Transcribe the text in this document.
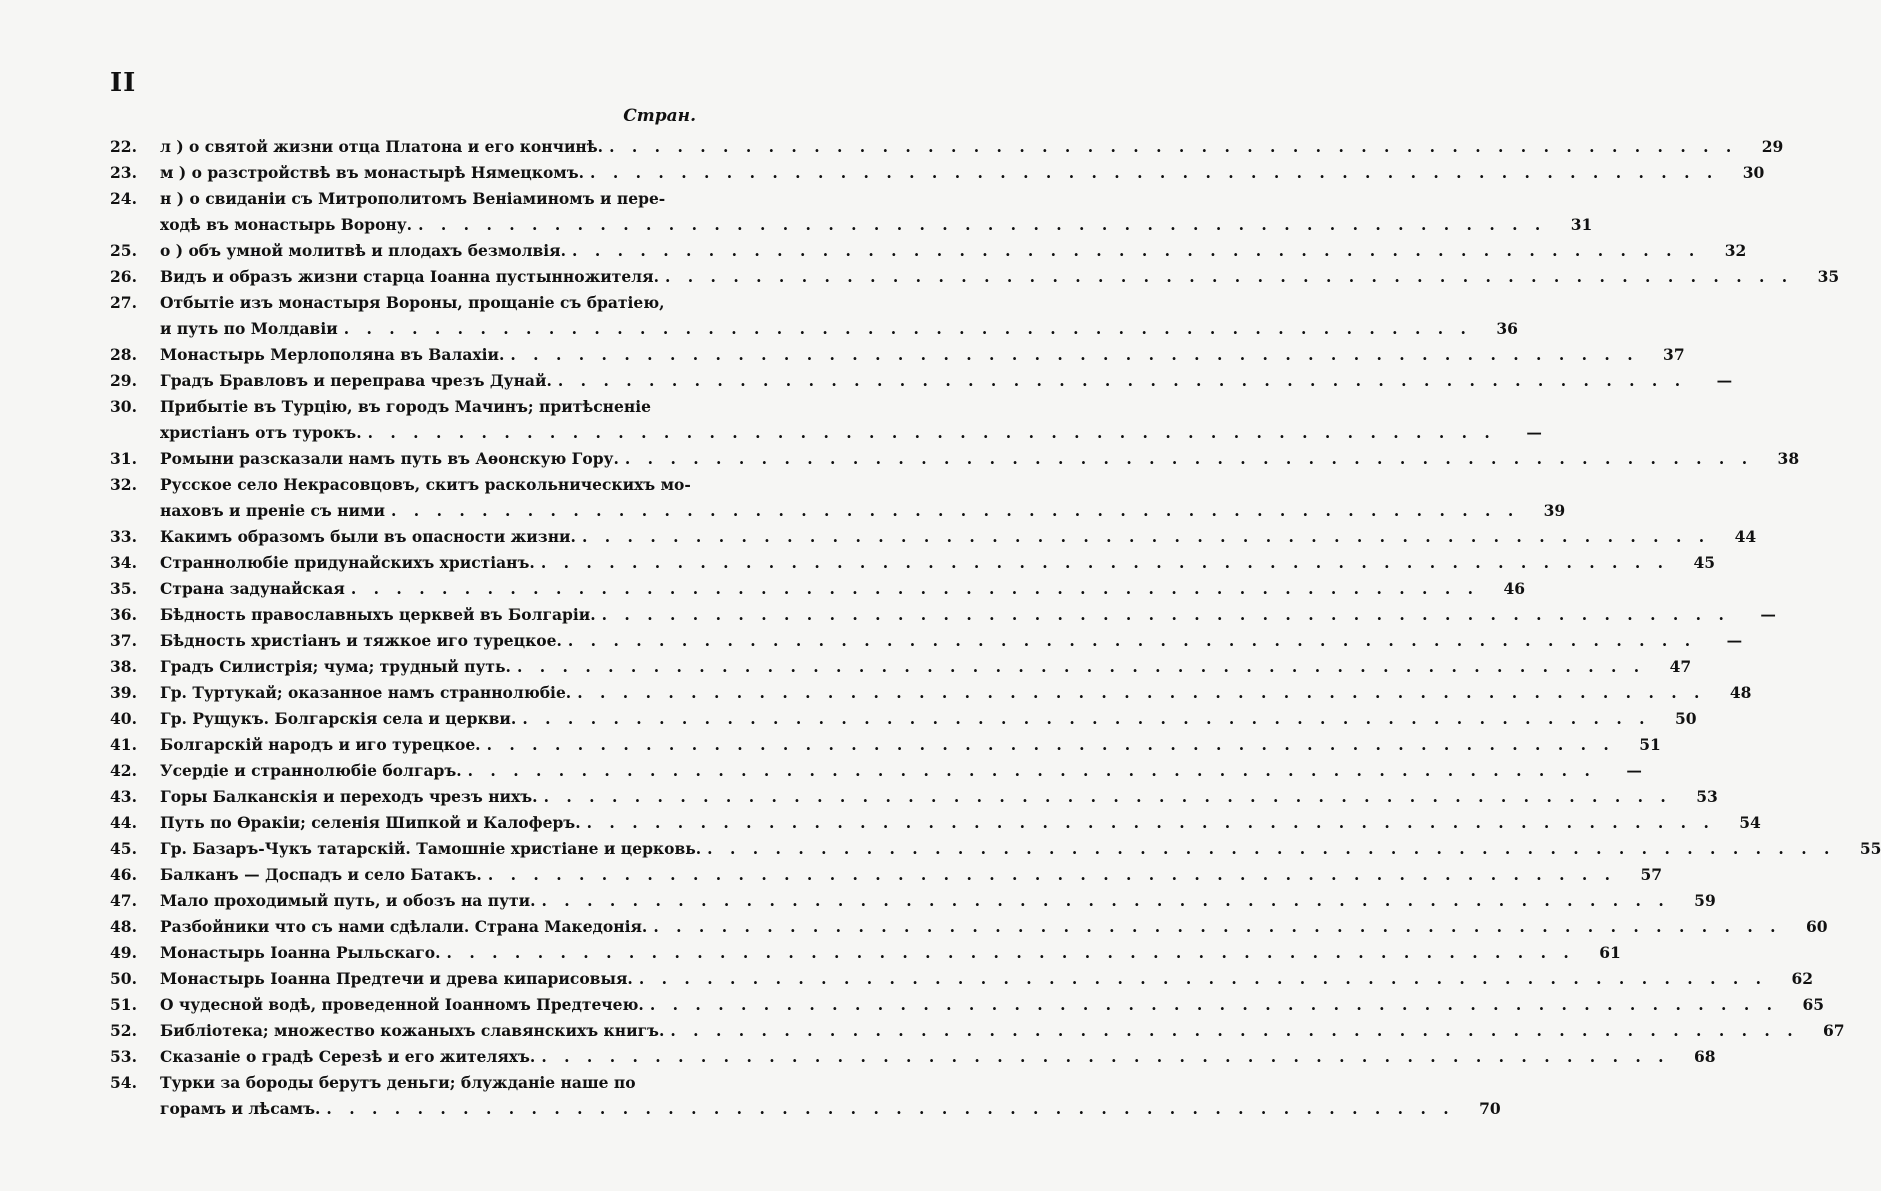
II
Стран.
22.	л ) о святой жизни отца Платона и его кончинѣ. . . . . . . . . . . . . . . . . . . . . . . . . . . . . . . . . . . . . . . . . . . . . . . . . . .	29
23.	м ) о разстройствѣ въ монастырѣ Нямецкомъ. . . . . . . . . . . . . . . . . . . . . . . . . . . . . . . . . . . . . . . . . . . . . . . . . . .	30
24.	н ) о свиданіи съ Митрополитомъ Веніаминомъ и пере-
ходѣ въ монастырь Ворону. . . . . . . . . . . . . . . . . . . . . . . . . . . . . . . . . . . . . . . . . . . . . . . . . . .	31
25.	о ) объ умной молитвѣ и плодахъ безмолвія. . . . . . . . . . . . . . . . . . . . . . . . . . . . . . . . . . . . . . . . . . . . . . . . . . .	32
26.	Видъ и образъ жизни старца Іоанна пустынножителя. . . . . . . . . . . . . . . . . . . . . . . . . . . . . . . . . . . . . . . . . . . . . . . . . . .	35
27.	Отбытіе изъ монастыря Вороны, прощаніе съ братіею,
и путь по Молдавіи . . . . . . . . . . . . . . . . . . . . . . . . . . . . . . . . . . . . . . . . . . . . . . . . . .	36
28.	Монастырь Мерлополяна въ Валахіи. . . . . . . . . . . . . . . . . . . . . . . . . . . . . . . . . . . . . . . . . . . . . . . . . . .	37
29.	Градъ Бравловъ и переправа чрезъ Дунай. . . . . . . . . . . . . . . . . . . . . . . . . . . . . . . . . . . . . . . . . . . . . . . . . . .	—
30.	Прибытіе въ Турцію, въ городъ Мачинъ; притѣсненіе
христіанъ отъ турокъ. . . . . . . . . . . . . . . . . . . . . . . . . . . . . . . . . . . . . . . . . . . . . . . . . . .	—
31.	Ромыни разсказали намъ путь въ Аѳонскую Гору. . . . . . . . . . . . . . . . . . . . . . . . . . . . . . . . . . . . . . . . . . . . . . . . . . .	38
32.	Русское село Некрасовцовъ, скитъ раскольническихъ мо-
наховъ и преніе съ ними . . . . . . . . . . . . . . . . . . . . . . . . . . . . . . . . . . . . . . . . . . . . . . . . . .	39
33.	Какимъ образомъ были въ опасности жизни. . . . . . . . . . . . . . . . . . . . . . . . . . . . . . . . . . . . . . . . . . . . . . . . . . .	44
34.	Страннолюбіе придунайскихъ христіанъ. . . . . . . . . . . . . . . . . . . . . . . . . . . . . . . . . . . . . . . . . . . . . . . . . . .	45
35.	Страна задунайская . . . . . . . . . . . . . . . . . . . . . . . . . . . . . . . . . . . . . . . . . . . . . . . . . .	46
36.	Бѣдность православныхъ церквей въ Болгаріи. . . . . . . . . . . . . . . . . . . . . . . . . . . . . . . . . . . . . . . . . . . . . . . . . . .	—
37.	Бѣдность христіанъ и тяжкое иго турецкое. . . . . . . . . . . . . . . . . . . . . . . . . . . . . . . . . . . . . . . . . . . . . . . . . . .	—
38.	Градъ Силистрія; чума; трудный путь. . . . . . . . . . . . . . . . . . . . . . . . . . . . . . . . . . . . . . . . . . . . . . . . . . .	47
39.	Гр. Туртукай; оказанное намъ страннолюбіе. . . . . . . . . . . . . . . . . . . . . . . . . . . . . . . . . . . . . . . . . . . . . . . . . . .	48
40.	Гр. Рущукъ. Болгарскія села и церкви. . . . . . . . . . . . . . . . . . . . . . . . . . . . . . . . . . . . . . . . . . . . . . . . . . .	50
41.	Болгарскій народъ и иго турецкое. . . . . . . . . . . . . . . . . . . . . . . . . . . . . . . . . . . . . . . . . . . . . . . . . . .	51
42.	Усердіе и страннолюбіе болгаръ. . . . . . . . . . . . . . . . . . . . . . . . . . . . . . . . . . . . . . . . . . . . . . . . . . .	—
43.	Горы Балканскія и переходъ чрезъ нихъ. . . . . . . . . . . . . . . . . . . . . . . . . . . . . . . . . . . . . . . . . . . . . . . . . . .	53
44.	Путь по Ѳракіи; селенія Шипкой и Калоферъ. . . . . . . . . . . . . . . . . . . . . . . . . . . . . . . . . . . . . . . . . . . . . . . . . . .	54
45.	Гр. Базаръ-Чукъ татарскій. Тамошніе христіане и церковь. . . . . . . . . . . . . . . . . . . . . . . . . . . . . . . . . . . . . . . . . . . . . . . . . . .	55
46.	Балканъ — Доспадъ и село Батакъ. . . . . . . . . . . . . . . . . . . . . . . . . . . . . . . . . . . . . . . . . . . . . . . . . . .	57
47.	Мало проходимый путь, и обозъ на пути. . . . . . . . . . . . . . . . . . . . . . . . . . . . . . . . . . . . . . . . . . . . . . . . . . .	59
48.	Разбойники что съ нами сдѣлали. Страна Македонія. . . . . . . . . . . . . . . . . . . . . . . . . . . . . . . . . . . . . . . . . . . . . . . . . . .	60
49.	Монастырь Іоанна Рыльскаго. . . . . . . . . . . . . . . . . . . . . . . . . . . . . . . . . . . . . . . . . . . . . . . . . . .	61
50.	Монастырь Іоанна Предтечи и древа кипарисовыя. . . . . . . . . . . . . . . . . . . . . . . . . . . . . . . . . . . . . . . . . . . . . . . . . . .	62
51.	О чудесной водѣ, проведенной Іоанномъ Предтечею. . . . . . . . . . . . . . . . . . . . . . . . . . . . . . . . . . . . . . . . . . . . . . . . . . .	65
52.	Библіотека; множество кожаныхъ славянскихъ книгъ. . . . . . . . . . . . . . . . . . . . . . . . . . . . . . . . . . . . . . . . . . . . . . . . . . .	67
53.	Сказаніе о градѣ Серезѣ и его жителяхъ. . . . . . . . . . . . . . . . . . . . . . . . . . . . . . . . . . . . . . . . . . . . . . . . . . .	68
54.	Турки за бороды берутъ деньги; блужданіе наше по
горамъ и лѣсамъ. . . . . . . . . . . . . . . . . . . . . . . . . . . . . . . . . . . . . . . . . . . . . . . . . . .	70
